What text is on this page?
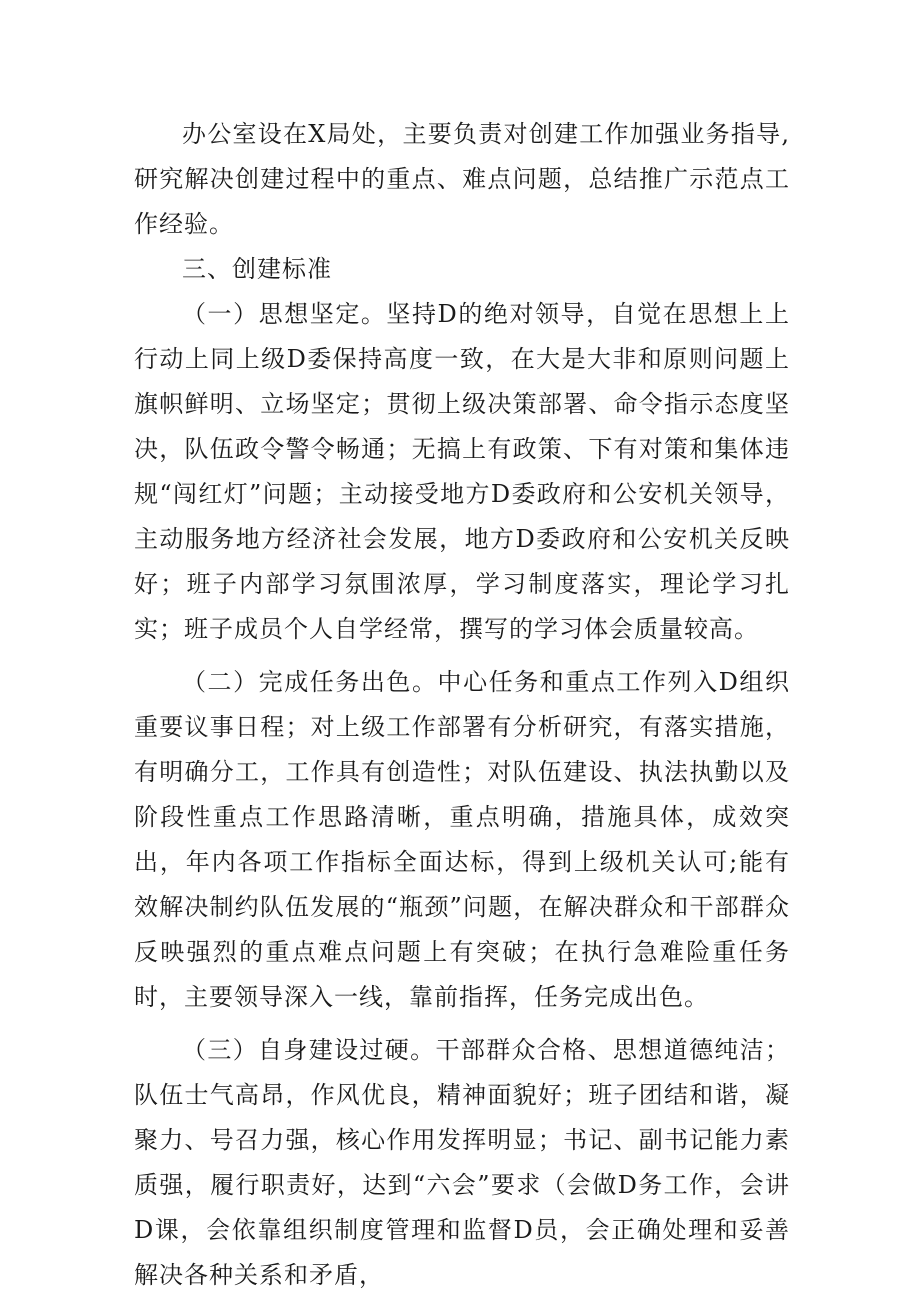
办公室设在X局处，主要负责对创建工作加强业务指导,研究解决创建过程中的重点、难点问题，总结推广示范点工作经验。

三、创建标准

（一）思想坚定。坚持D的绝对领导，自觉在思想上上行动上同上级D委保持高度一致，在大是大非和原则问题上旗帜鲜明、立场坚定；贯彻上级决策部署、命令指示态度坚决，队伍政令警令畅通；无搞上有政策、下有对策和集体违规“闯红灯”问题；主动接受地方D委政府和公安机关领导，主动服务地方经济社会发展，地方D委政府和公安机关反映好；班子内部学习氛围浓厚，学习制度落实，理论学习扎实；班子成员个人自学经常，撰写的学习体会质量较高。

（二）完成任务出色。中心任务和重点工作列入D组织重要议事日程；对上级工作部署有分析研究，有落实措施，有明确分工，工作具有创造性；对队伍建设、执法执勤以及阶段性重点工作思路清晰，重点明确，措施具体，成效突出，年内各项工作指标全面达标，得到上级机关认可;能有效解决制约队伍发展的“瓶颈”问题，在解决群众和干部群众反映强烈的重点难点问题上有突破；在执行急难险重任务时，主要领导深入一线，靠前指挥，任务完成出色。

（三）自身建设过硬。干部群众合格、思想道德纯洁；队伍士气高昂，作风优良，精神面貌好；班子团结和谐，凝聚力、号召力强，核心作用发挥明显；书记、副书记能力素质强，履行职责好，达到“六会”要求（会做D务工作，会讲D课，会依靠组织制度管理和监督D员，会正确处理和妥善解决各种关系和矛盾，
